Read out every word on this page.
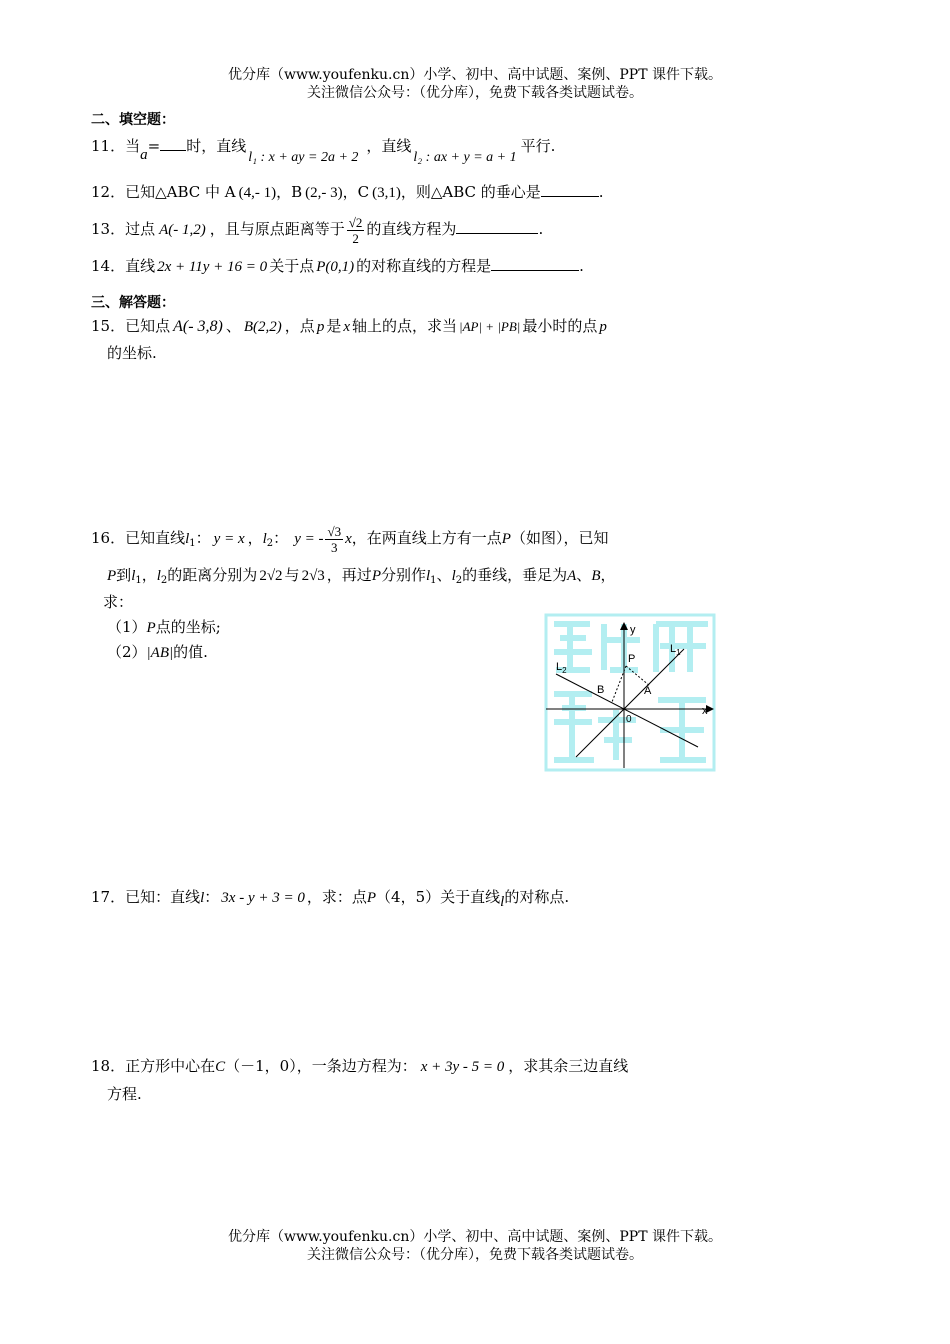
优分库（www.youfenku.cn）小学、初中、高中试题、案例、PPT 课件下载。
关注微信公众号：（优分库），免费下载各类试题试卷。
二、填空题：
11．当a= 时，直线l₁ : x + ay = 2a + 2，直线l₂ : ax + y = a + 1平行.
12．已知△ABC 中 A (4,- 1)，B (2,- 3)，C (3,1)，则△ABC 的垂心是	.
13．过点 A(- 1,2) ，且与原点距离等于 $\frac{√2}{2}$ 的直线方程为	.
14．直线 2x + 11y + 16 = 0 关于点 P(0,1) 的对称直线的方程是	.
三、解答题：
15．已知点 A(- 3,8) 、 B(2,2) ，点 p 是 x 轴上的点，求当 |AP| + |PB| 最小时的点 p
的坐标.
16．已知直线$l_1$： y = x ，$l_2$： y = - $\frac{√3}{3}$ x，在两直线上方有一点P（如图），已知
P到$l_1$，$l_2$的距离分别为 2√2 与 2√3 ，再过P分别作$l_1$、$l_2$的垂线，垂足为A、B，
求：
（1）P点的坐标;
（2）|AB|的值.
y
x
0
P
A
B
$L_1$
$L_2$
17．已知：直线l： 3x - y + 3 = 0 ，求：点P（4，5）关于直线l的对称点.
18．正方形中心在C（－1，0），一条边方程为： x + 3y - 5 = 0 ，求其余三边直线
方程.
优分库（www.youfenku.cn）小学、初中、高中试题、案例、PPT 课件下载。
关注微信公众号：（优分库），免费下载各类试题试卷。
